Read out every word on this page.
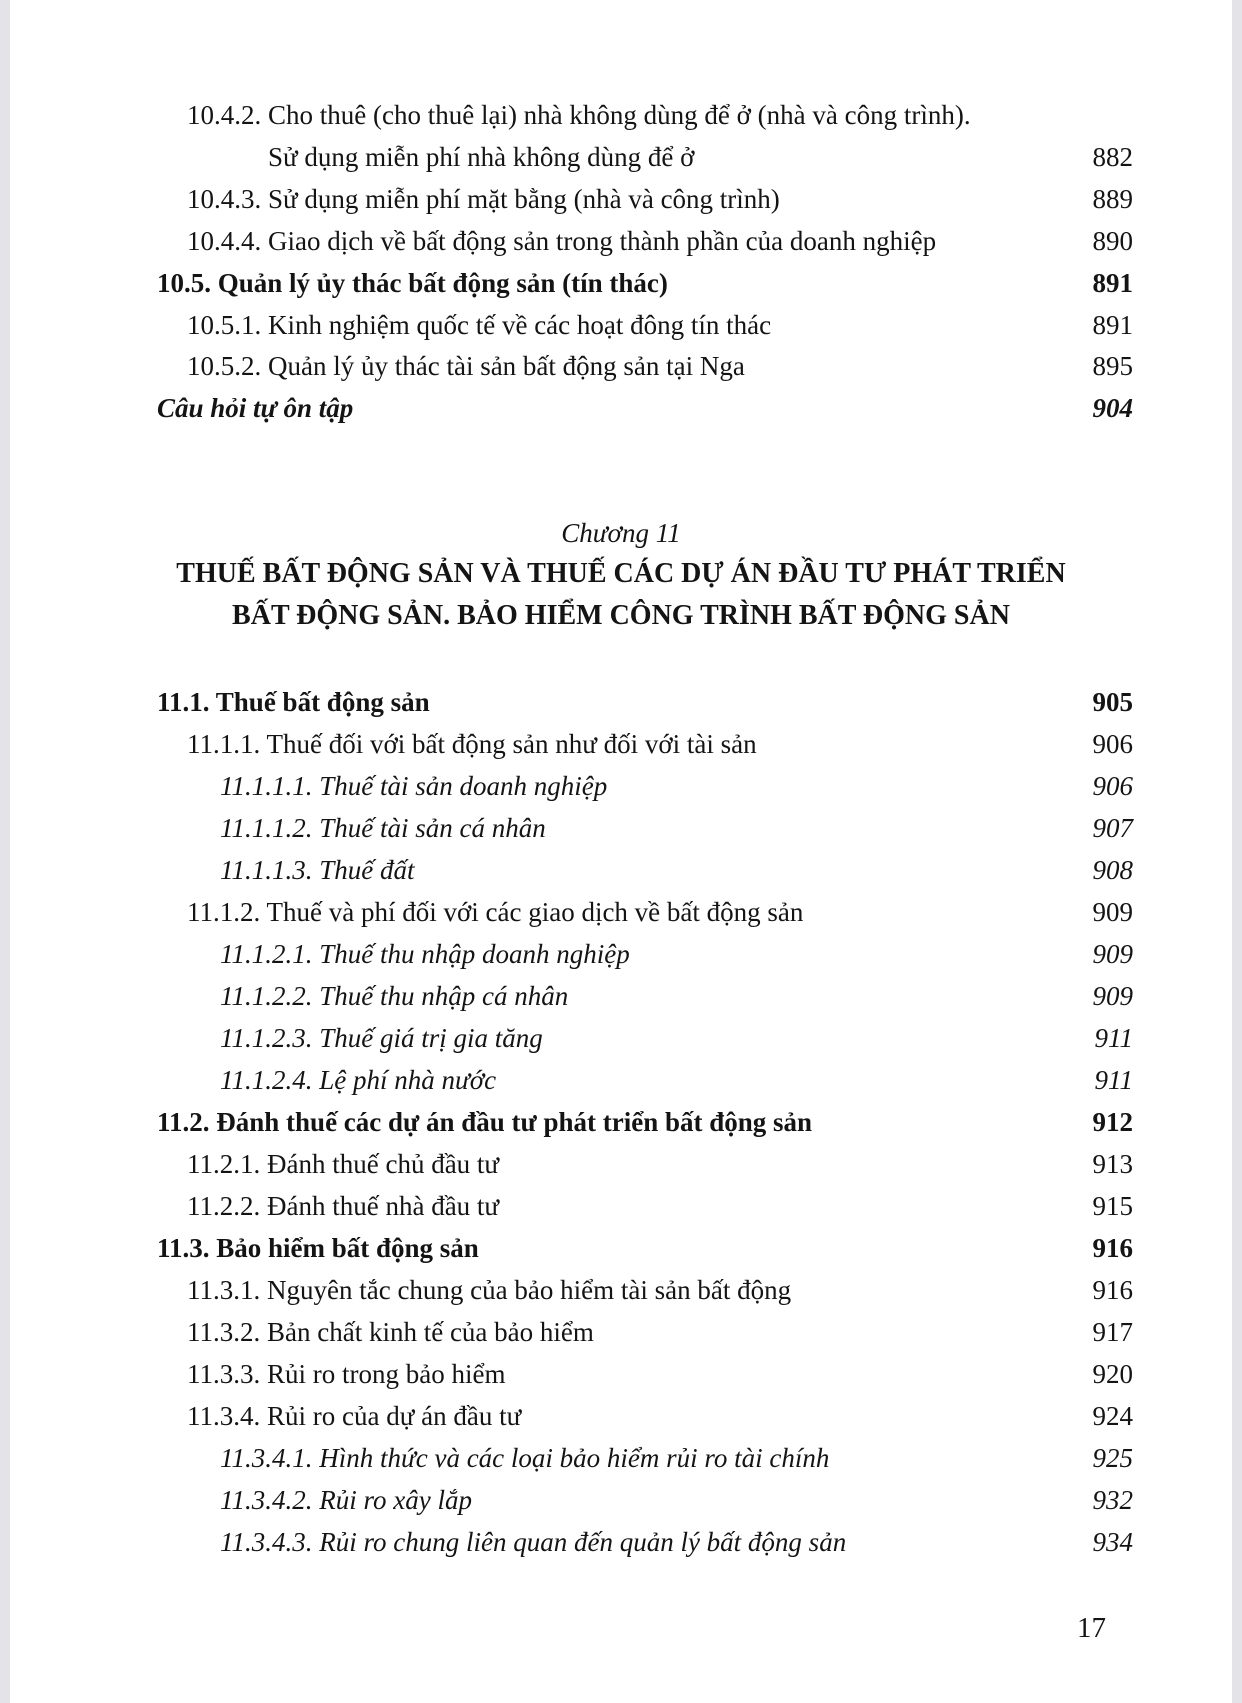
10.4.2. Cho thuê (cho thuê lại) nhà không dùng để ở (nhà và công trình).
Sử dụng miễn phí nhà không dùng để ở	882
10.4.3. Sử dụng miễn phí mặt bằng (nhà và công trình)	889
10.4.4. Giao dịch về bất động sản trong thành phần của doanh nghiệp	890
10.5. Quản lý ủy thác bất động sản (tín thác)	891
10.5.1. Kinh nghiệm quốc tế về các hoạt đông tín thác	891
10.5.2. Quản lý ủy thác tài sản bất động sản tại Nga	895
Câu hỏi tự ôn tập	904
Chương 11
THUẾ BẤT ĐỘNG SẢN VÀ THUẾ CÁC DỰ ÁN ĐẦU TƯ PHÁT TRIỂN
BẤT ĐỘNG SẢN. BẢO HIỂM CÔNG TRÌNH BẤT ĐỘNG SẢN
11.1. Thuế bất động sản	905
11.1.1. Thuế đối với bất động sản như đối với tài sản	906
11.1.1.1. Thuế tài sản doanh nghiệp	906
11.1.1.2. Thuế tài sản cá nhân	907
11.1.1.3. Thuế đất	908
11.1.2. Thuế và phí đối với các giao dịch về bất động sản	909
11.1.2.1. Thuế thu nhập doanh nghiệp	909
11.1.2.2. Thuế thu nhập cá nhân	909
11.1.2.3. Thuế giá trị gia tăng	911
11.1.2.4. Lệ phí nhà nước	911
11.2. Đánh thuế các dự án đầu tư phát triển bất động sản	912
11.2.1. Đánh thuế chủ đầu tư	913
11.2.2. Đánh thuế nhà đầu tư	915
11.3. Bảo hiểm bất động sản	916
11.3.1. Nguyên tắc chung của bảo hiểm tài sản bất động	916
11.3.2. Bản chất kinh tế của bảo hiểm	917
11.3.3. Rủi ro trong bảo hiểm	920
11.3.4. Rủi ro của dự án đầu tư	924
11.3.4.1. Hình thức và các loại bảo hiểm rủi ro tài chính	925
11.3.4.2. Rủi ro xây lắp	932
11.3.4.3. Rủi ro chung liên quan đến quản lý bất động sản	934
17
